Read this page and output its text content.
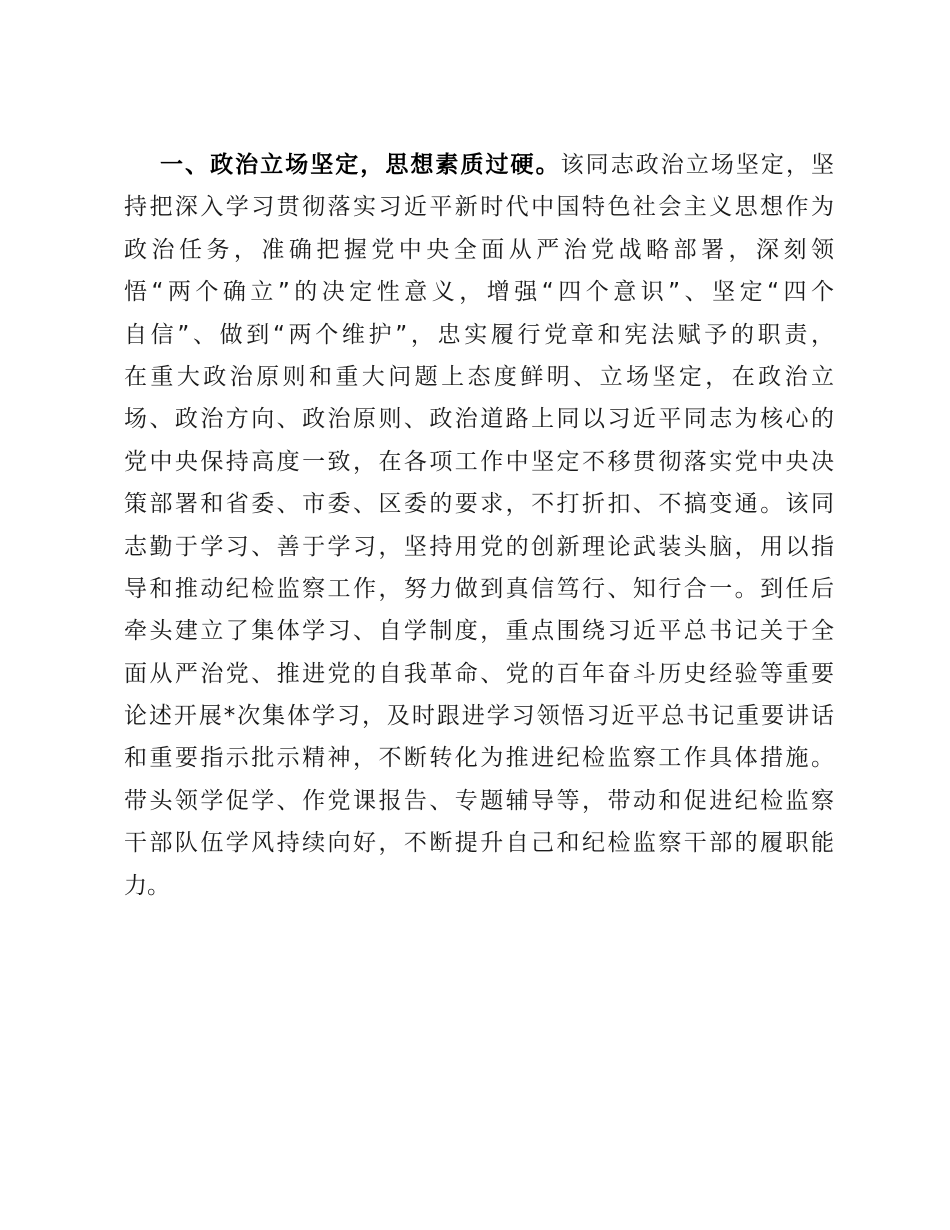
一、政治立场坚定，思想素质过硬。该同志政治立场坚定，坚
持把深入学习贯彻落实习近平新时代中国特色社会主义思想作为
政治任务，准确把握党中央全面从严治党战略部署，深刻领
悟“两个确立”的决定性意义，增强“四个意识”、坚定“四个
自信”、做到“两个维护”，忠实履行党章和宪法赋予的职责，
在重大政治原则和重大问题上态度鲜明、立场坚定，在政治立
场、政治方向、政治原则、政治道路上同以习近平同志为核心的
党中央保持高度一致，在各项工作中坚定不移贯彻落实党中央决
策部署和省委、市委、区委的要求，不打折扣、不搞变通。该同
志勤于学习、善于学习，坚持用党的创新理论武装头脑，用以指
导和推动纪检监察工作，努力做到真信笃行、知行合一。到任后
牵头建立了集体学习、自学制度，重点围绕习近平总书记关于全
面从严治党、推进党的自我革命、党的百年奋斗历史经验等重要
论述开展*次集体学习，及时跟进学习领悟习近平总书记重要讲话
和重要指示批示精神，不断转化为推进纪检监察工作具体措施。
带头领学促学、作党课报告、专题辅导等，带动和促进纪检监察
干部队伍学风持续向好，不断提升自己和纪检监察干部的履职能
力。
